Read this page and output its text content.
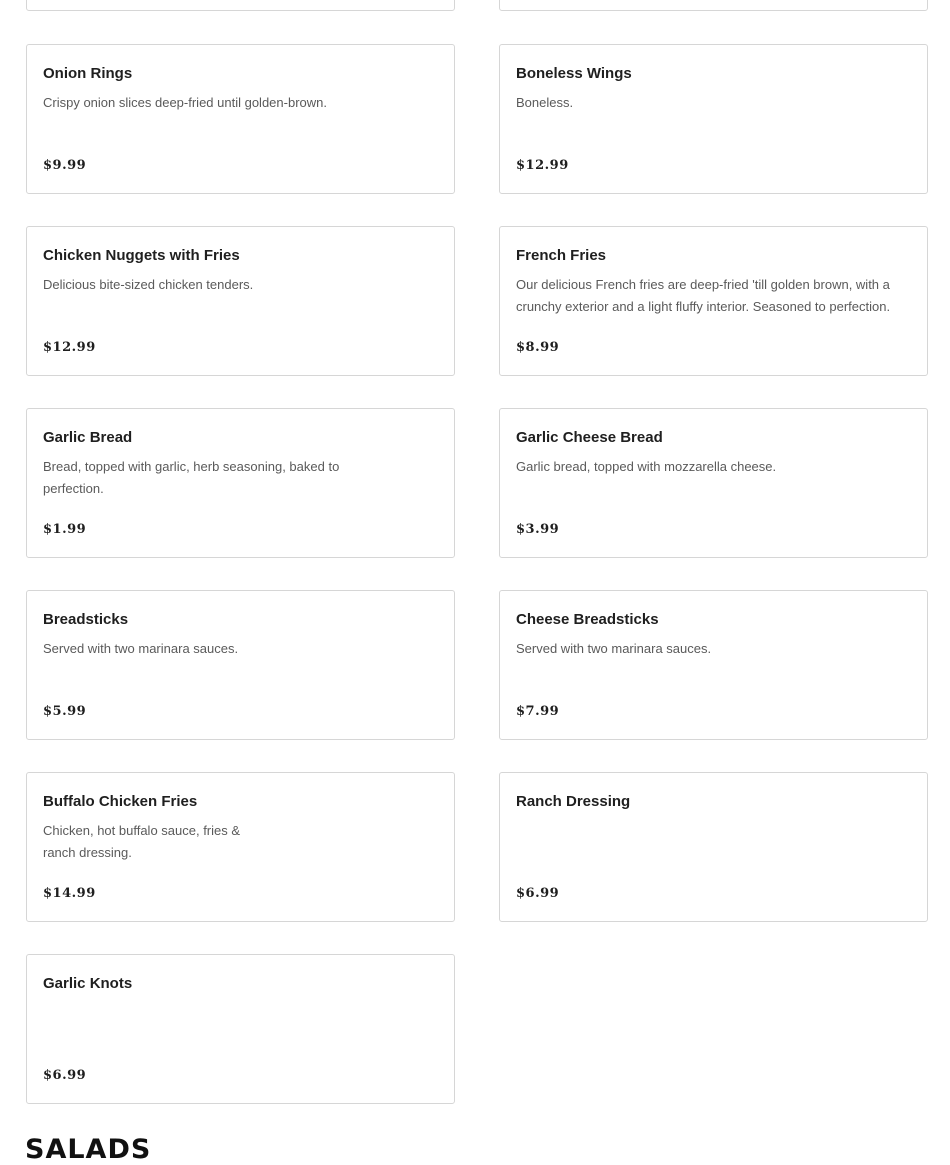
Onion Rings
Crispy onion slices deep-fried until golden-brown.
$9.99
Boneless Wings
Boneless.
$12.99
Chicken Nuggets with Fries
Delicious bite-sized chicken tenders.
$12.99
French Fries
Our delicious French fries are deep-fried 'till golden brown, with a crunchy exterior and a light fluffy interior. Seasoned to perfection.
$8.99
Garlic Bread
Bread, topped with garlic, herb seasoning, baked to perfection.
$1.99
Garlic Cheese Bread
Garlic bread, topped with mozzarella cheese.
$3.99
Breadsticks
Served with two marinara sauces.
$5.99
Cheese Breadsticks
Served with two marinara sauces.
$7.99
Buffalo Chicken Fries
Chicken, hot buffalo sauce, fries & ranch dressing.
$14.99
Ranch Dressing
$6.99
Garlic Knots
$6.99
SALADS
